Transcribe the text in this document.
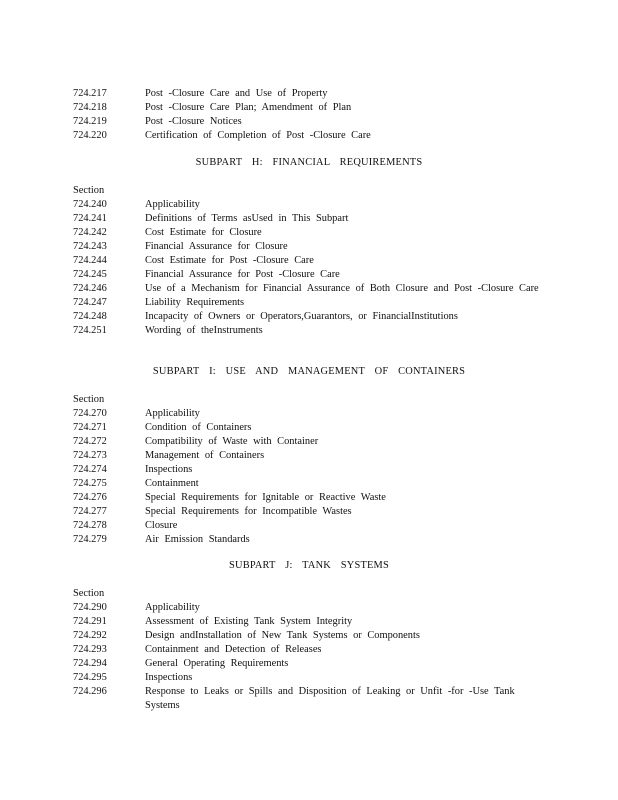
724.217	Post -Closure Care and Use of Property
724.218	Post -Closure Care Plan; Amendment of Plan
724.219	Post -Closure Notices
724.220	Certification of Completion of Post -Closure Care
SUBPART H: FINANCIAL REQUIREMENTS
Section
724.240	Applicability
724.241	Definitions of Terms asUsed in This Subpart
724.242	Cost Estimate for Closure
724.243	Financial Assurance for Closure
724.244	Cost Estimate for Post -Closure Care
724.245	Financial Assurance for Post -Closure Care
724.246	Use of a Mechanism for Financial Assurance of Both Closure and Post -Closure Care
724.247	Liability Requirements
724.248	Incapacity of Owners or Operators,Guarantors, or FinancialInstitutions
724.251	Wording of theInstruments
SUBPART I: USE AND MANAGEMENT OF CONTAINERS
Section
724.270	Applicability
724.271	Condition of Containers
724.272	Compatibility of Waste with Container
724.273	Management of Containers
724.274	Inspections
724.275	Containment
724.276	Special Requirements for Ignitable or Reactive Waste
724.277	Special Requirements for Incompatible Wastes
724.278	Closure
724.279	Air Emission Standards
SUBPART J: TANK SYSTEMS
Section
724.290	Applicability
724.291	Assessment of Existing Tank System Integrity
724.292	Design andInstallation of New Tank Systems or Components
724.293	Containment and Detection of Releases
724.294	General Operating Requirements
724.295	Inspections
724.296	Response to Leaks or Spills and Disposition of Leaking or Unfit -for -Use Tank Systems
